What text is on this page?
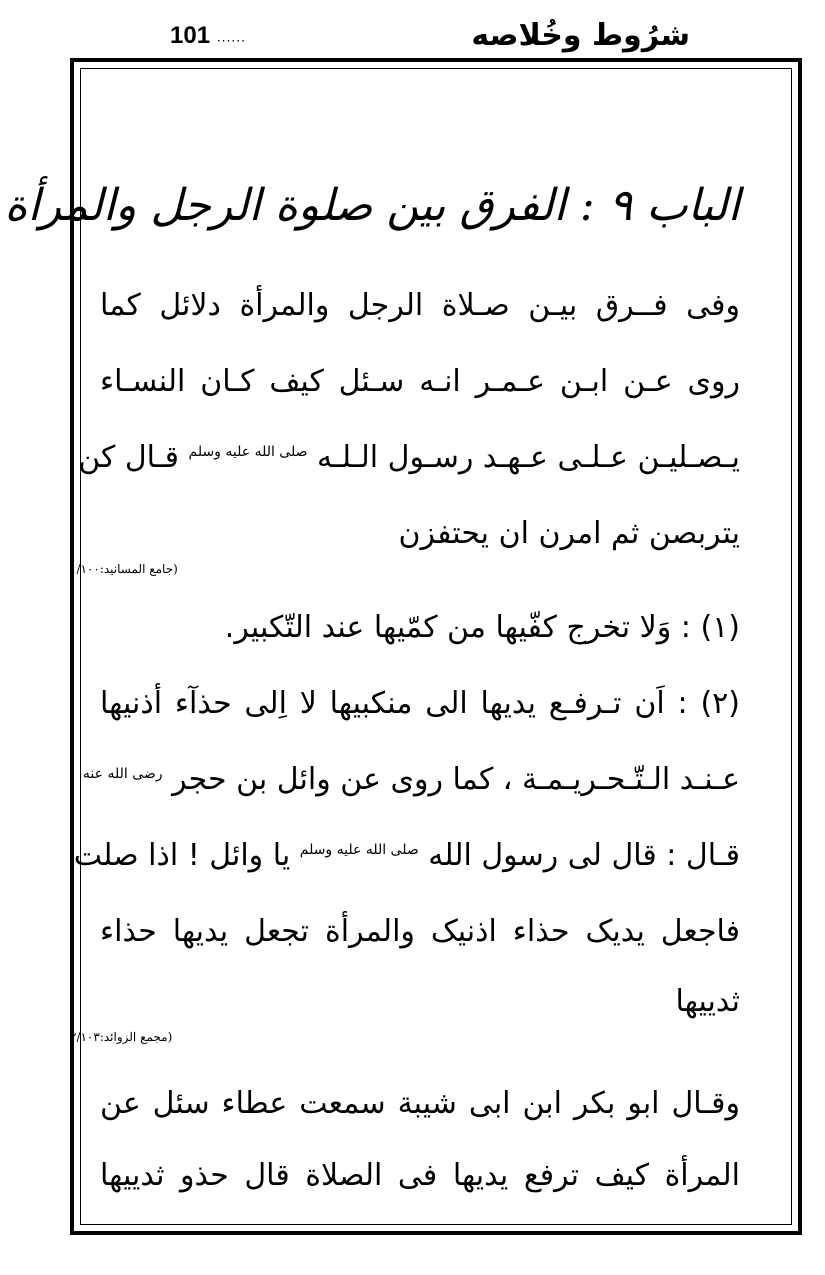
101 ......	شرُوط وخُلاصه
الباب ۹ : الفرق بين صلوة الرجل والمرأة
وفی فــرق بیـن صـلاة الرجل والمرأة دلائل کما
روی عـن ابـن عـمـر انـه سـئل کیف کـان النسـاء
یـصـلیـن عـلـی عـهـد رسـول الـلـه $^{صلی الله علیه وسلم}$ قـال کن
یتربصن ثم امرن ان یحتفزن
(جامع المسانيد:١/١٠٠
(١) : وَلا تخرج کفّیها من کمّیها عند التّکبیر.
(٢) : اَن تـرفـع یدیها الی منکبیها لا اِلی حذآء أذنیها
عـنـد الـتّـحـریـمـة ، کما روی عن وائل بن حجر $^{رضی الله عنه}$
قـال : قال لی رسول الله $^{صلی الله علیه وسلم}$ یا وائل ! اذا صلت
فاجعل یدیک حذاء اذنیک والمرأة تجعل یدیها حذاء
ثدییها
(مجمع الزوائد:٢/١٠٣
وقـال ابو بکر ابن ابی شیبة سمعت عطاء سئل عن
المرأة کیف ترفع یدیها فی الصلاة قال حذو ثدییها
